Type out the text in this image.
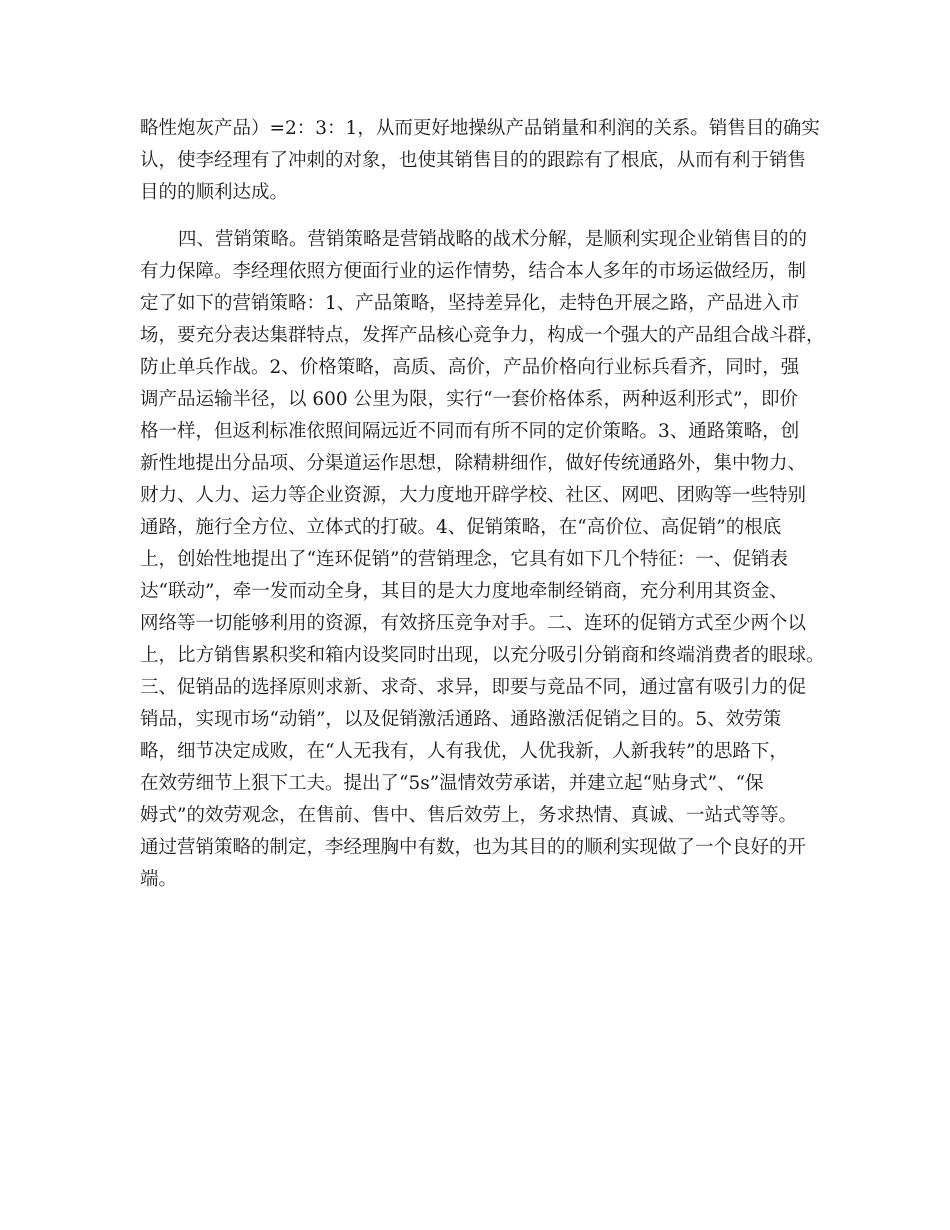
略性炮灰产品）=2：3：1，从而更好地操纵产品销量和利润的关系。销售目的确实

认，使李经理有了冲刺的对象，也使其销售目的的跟踪有了根底，从而有利于销售

目的的顺利达成。

四、营销策略。营销策略是营销战略的战术分解，是顺利实现企业销售目的的

有力保障。李经理依照方便面行业的运作情势，结合本人多年的市场运做经历，制

定了如下的营销策略：1、产品策略，坚持差异化，走特色开展之路，产品进入市

场，要充分表达集群特点，发挥产品核心竞争力，构成一个强大的产品组合战斗群，

防止单兵作战。2、价格策略，高质、高价，产品价格向行业标兵看齐，同时，强

调产品运输半径，以 600 公里为限，实行“一套价格体系，两种返利形式”，即价

格一样，但返利标准依照间隔远近不同而有所不同的定价策略。3、通路策略，创

新性地提出分品项、分渠道运作思想，除精耕细作，做好传统通路外，集中物力、

财力、人力、运力等企业资源，大力度地开辟学校、社区、网吧、团购等一些特别

通路，施行全方位、立体式的打破。4、促销策略，在“高价位、高促销”的根底

上，创始性地提出了“连环促销”的营销理念，它具有如下几个特征：一、促销表

达“联动”，牵一发而动全身，其目的是大力度地牵制经销商，充分利用其资金、

网络等一切能够利用的资源，有效挤压竞争对手。二、连环的促销方式至少两个以

上，比方销售累积奖和箱内设奖同时出现，以充分吸引分销商和终端消费者的眼球。

三、促销品的选择原则求新、求奇、求异，即要与竞品不同，通过富有吸引力的促

销品，实现市场“动销”，以及促销激活通路、通路激活促销之目的。5、效劳策

略，细节决定成败，在“人无我有，人有我优，人优我新，人新我转”的思路下，

在效劳细节上狠下工夫。提出了“5s”温情效劳承诺，并建立起“贴身式”、“保

姆式”的效劳观念，在售前、售中、售后效劳上，务求热情、真诚、一站式等等。

通过营销策略的制定，李经理胸中有数，也为其目的的顺利实现做了一个良好的开

端。
